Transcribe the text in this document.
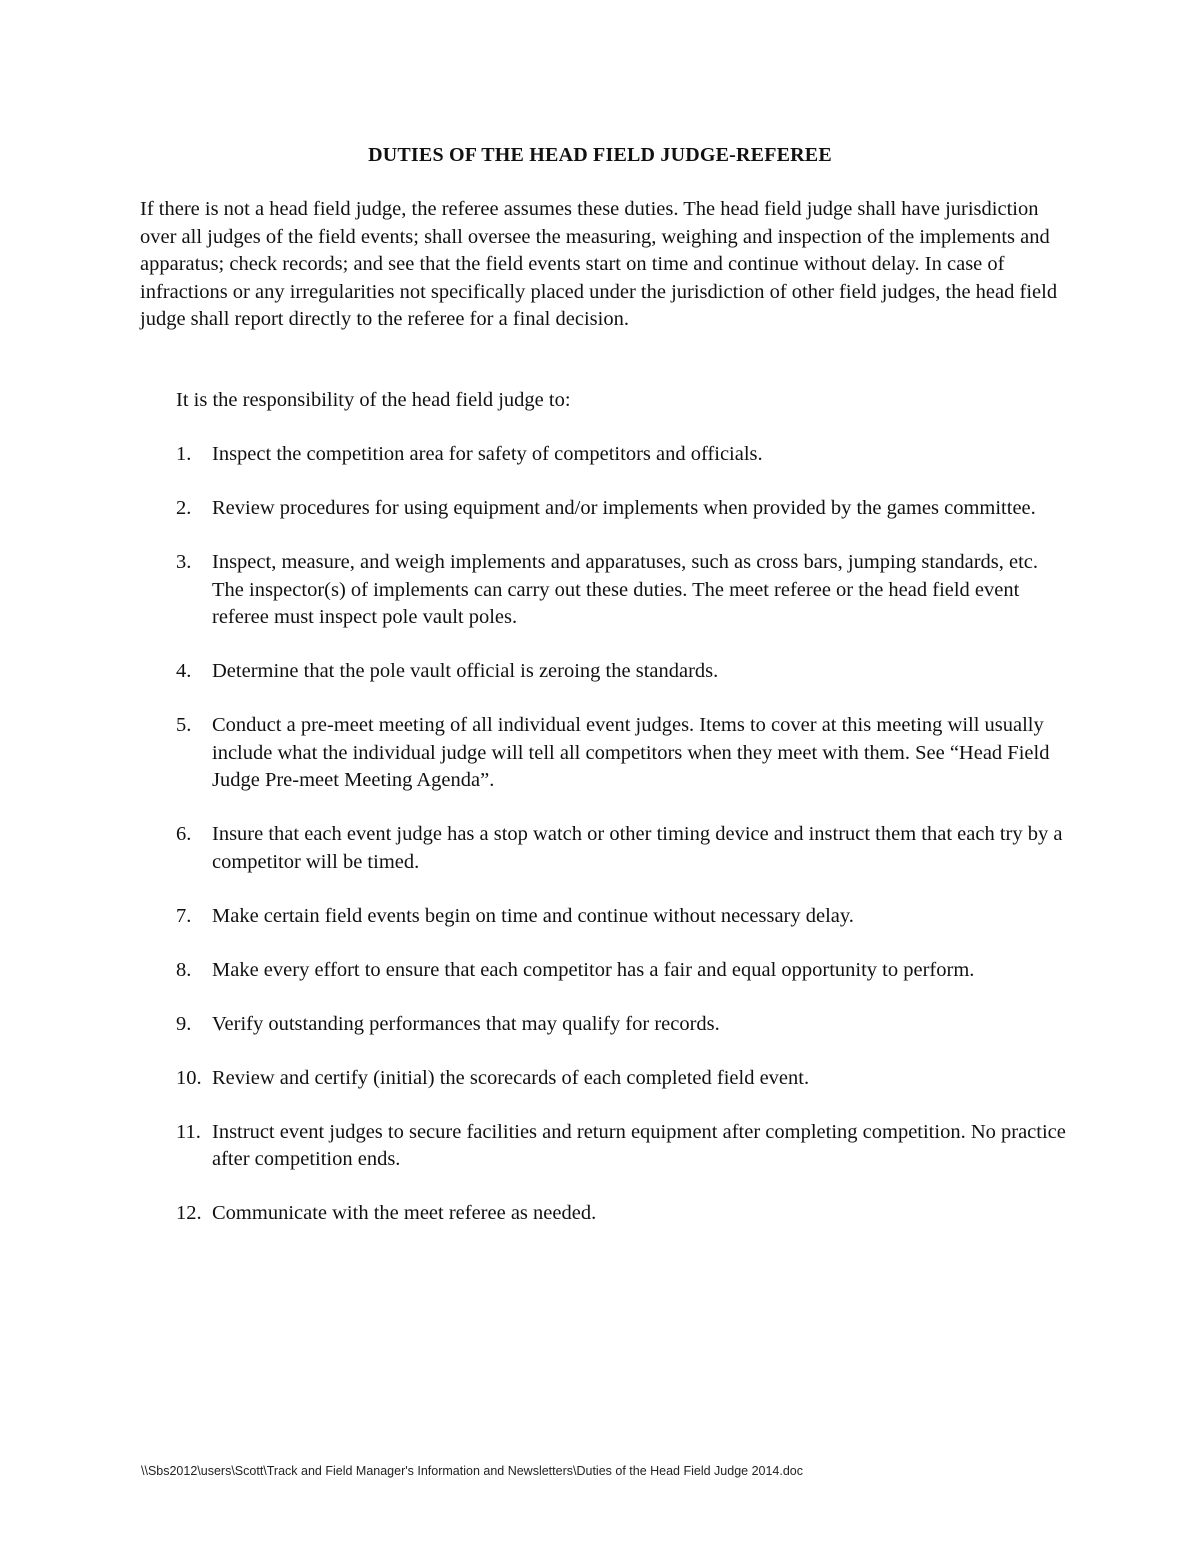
DUTIES OF THE HEAD FIELD JUDGE-REFEREE
If there is not a head field judge, the referee assumes these duties. The head field judge shall have jurisdiction over all judges of the field events; shall oversee the measuring, weighing and inspection of the implements and apparatus; check records; and see that the field events start on time and continue without delay. In case of infractions or any irregularities not specifically placed under the jurisdiction of other field judges, the head field judge shall report directly to the referee for a final decision.
It is the responsibility of the head field judge to:
1.	Inspect the competition area for safety of competitors and officials.
2.	Review procedures for using equipment and/or implements when provided by the games committee.
3.	Inspect, measure, and weigh implements and apparatuses, such as cross bars, jumping standards, etc. The inspector(s) of implements can carry out these duties. The meet referee or the head field event referee must inspect pole vault poles.
4.	Determine that the pole vault official is zeroing the standards.
5.	Conduct a pre-meet meeting of all individual event judges. Items to cover at this meeting will usually include what the individual judge will tell all competitors when they meet with them. See “Head Field Judge Pre-meet Meeting Agenda”.
6.	Insure that each event judge has a stop watch or other timing device and instruct them that each try by a competitor will be timed.
7.	Make certain field events begin on time and continue without necessary delay.
8.	Make every effort to ensure that each competitor has a fair and equal opportunity to perform.
9.	Verify outstanding performances that may qualify for records.
10. Review and certify (initial) the scorecards of each completed field event.
11. Instruct event judges to secure facilities and return equipment after completing competition. No practice after competition ends.
12. Communicate with the meet referee as needed.
\\Sbs2012\users\Scott\Track and Field Manager's Information and Newsletters\Duties of the Head Field Judge 2014.doc
